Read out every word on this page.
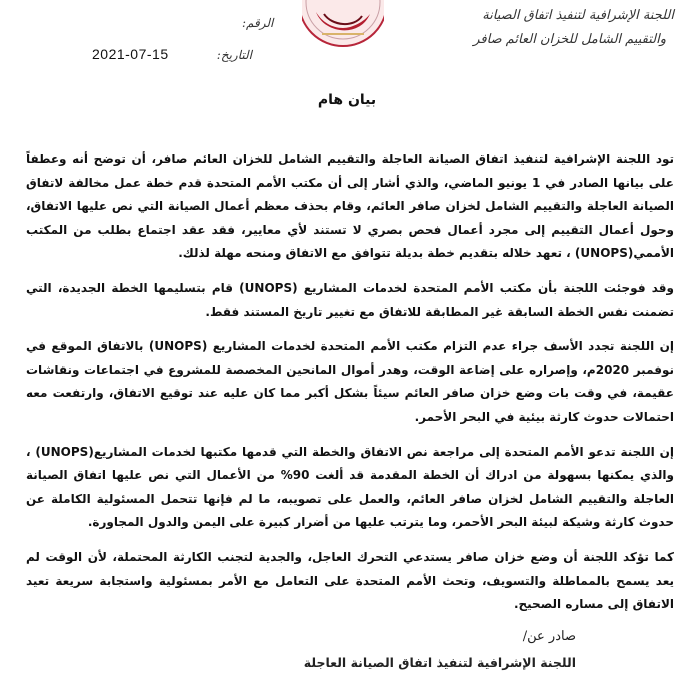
اللجنة الإشرافية لتنفيذ اتفاق الصيانة
والتقييم الشامل للخزان العائم صافر
الرقم:
2021-07-15	التاريخ:
بيان هام

تود اللجنة الإشرافية لتنفيذ اتفاق الصيانة العاجلة والتقييم الشامل للخزان العائم صافر، أن توضح أنه وعطفاً على بيانها الصادر في 1 يونيو الماضي، والذي أشار إلى أن مكتب الأمم المتحدة قدم خطة عمل مخالفة لاتفاق الصيانة العاجلة والتقييم الشامل لخزان صافر العائم، وقام بحذف معظم أعمال الصيانة التي نص عليها الاتفاق، وحول أعمال التقييم إلى مجرد أعمال فحص بصري لا تستند لأي معايير، فقد عقد اجتماع بطلب من المكتب الأممي(UNOPS) ، تعهد خلاله بتقديم خطة بديلة تتوافق مع الاتفاق ومنحه مهلة لذلك.

وقد فوجئت اللجنة بأن مكتب الأمم المتحدة لخدمات المشاريع (UNOPS) قام بتسليمها الخطة الجديدة، التي تضمنت نفس الخطة السابقة غير المطابقة للاتفاق مع تغيير تاريخ المستند فقط.

إن اللجنة تجدد الأسف جراء عدم التزام مكتب الأمم المتحدة لخدمات المشاريع (UNOPS) بالاتفاق الموقع في نوفمبر 2020م، وإصراره على إضاعة الوقت، وهدر أموال المانحين المخصصة للمشروع في اجتماعات ونقاشات عقيمة، في وقت بات وضع خزان صافر العائم سيئاً بشكل أكبر مما كان عليه عند توقيع الاتفاق، وارتفعت معه احتمالات حدوث كارثة بيئية في البحر الأحمر.

إن اللجنة تدعو الأمم المتحدة إلى مراجعة نص الاتفاق والخطة التي قدمها مكتبها لخدمات المشاريع(UNOPS) ، والذي يمكنها بسهولة من ادراك أن الخطة المقدمة قد ألغت 90% من الأعمال التي نص عليها اتفاق الصيانة العاجلة والتقييم الشامل لخزان صافر العائم، والعمل على تصويبه، ما لم فإنها تتحمل المسئولية الكاملة عن حدوث كارثة وشيكة لبيئة البحر الأحمر، وما يترتب عليها من أضرار كبيرة على اليمن والدول المجاورة.

كما تؤكد اللجنة أن وضع خزان صافر يستدعي التحرك العاجل، والجدية لتجنب الكارثة المحتملة، لأن الوقت لم يعد يسمح بالمماطلة والتسويف، وتحث الأمم المتحدة على التعامل مع الأمر بمسئولية واستجابة سريعة تعيد الاتفاق إلى مساره الصحيح.

صادر عن/
اللجنة الإشرافية لتنفيذ اتفاق الصيانة العاجلة
